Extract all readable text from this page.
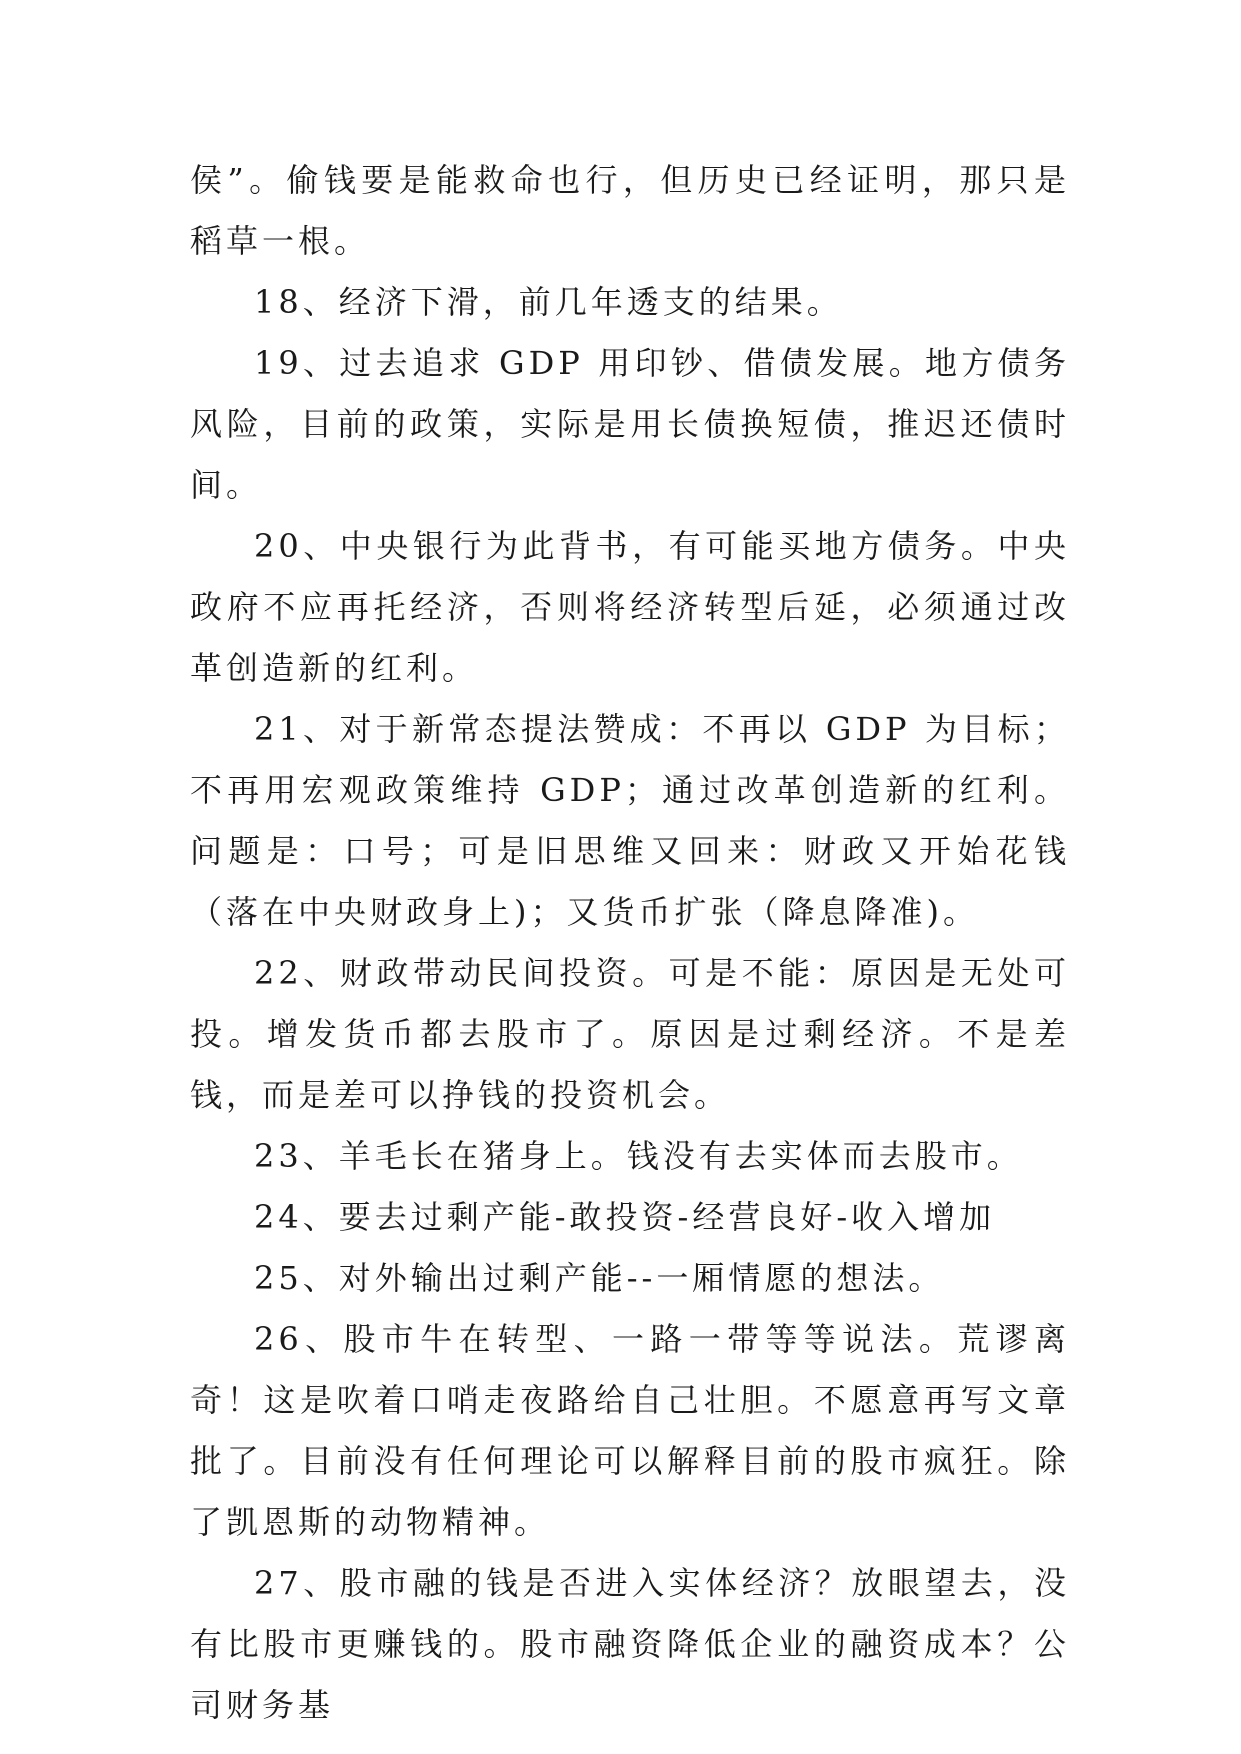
侯”。偷钱要是能救命也行，但历史已经证明，那只是稻草一根。

18、经济下滑，前几年透支的结果。

19、过去追求 GDP 用印钞、借债发展。地方债务风险，目前的政策，实际是用长债换短债，推迟还债时间。

20、中央银行为此背书，有可能买地方债务。中央政府不应再托经济，否则将经济转型后延，必须通过改革创造新的红利。

21、对于新常态提法赞成：不再以 GDP 为目标；不再用宏观政策维持 GDP；通过改革创造新的红利。问题是：口号；可是旧思维又回来：财政又开始花钱（落在中央财政身上)；又货币扩张（降息降准)。

22、财政带动民间投资。可是不能：原因是无处可投。增发货币都去股市了。原因是过剩经济。不是差钱，而是差可以挣钱的投资机会。

23、羊毛长在猪身上。钱没有去实体而去股市。

24、要去过剩产能-敢投资-经营良好-收入增加

25、对外输出过剩产能--一厢情愿的想法。

26、股市牛在转型、一路一带等等说法。荒谬离奇！这是吹着口哨走夜路给自己壮胆。不愿意再写文章批了。目前没有任何理论可以解释目前的股市疯狂。除了凯恩斯的动物精神。

27、股市融的钱是否进入实体经济？放眼望去，没有比股市更赚钱的。股市融资降低企业的融资成本？公司财务基
